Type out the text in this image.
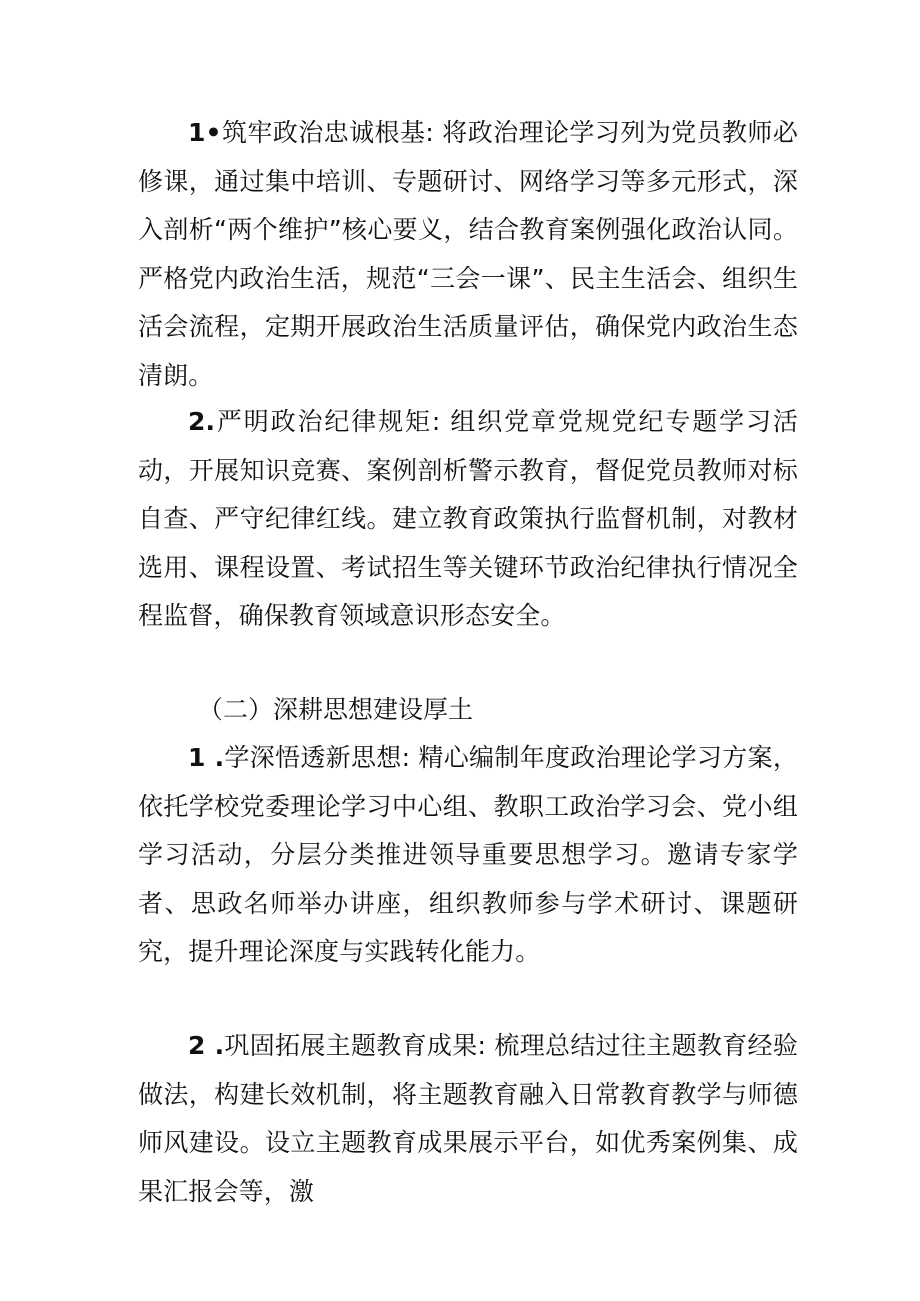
1•筑牢政治忠诚根基: 将政治理论学习列为党员教师必修课，通过集中培训、专题研讨、网络学习等多元形式，深入剖析“两个维护”核心要义，结合教育案例强化政治认同。严格党内政治生活，规范“三会一课”、民主生活会、组织生活会流程，定期开展政治生活质量评估，确保党内政治生态清朗。

2.严明政治纪律规矩: 组织党章党规党纪专题学习活动，开展知识竞赛、案例剖析警示教育，督促党员教师对标自查、严守纪律红线。建立教育政策执行监督机制，对教材选用、课程设置、考试招生等关键环节政治纪律执行情况全程监督，确保教育领域意识形态安全。

（二）深耕思想建设厚土

1 .学深悟透新思想: 精心编制年度政治理论学习方案，依托学校党委理论学习中心组、教职工政治学习会、党小组学习活动，分层分类推进领导重要思想学习。邀请专家学者、思政名师举办讲座，组织教师参与学术研讨、课题研究，提升理论深度与实践转化能力。

2 .巩固拓展主题教育成果: 梳理总结过往主题教育经验做法，构建长效机制，将主题教育融入日常教育教学与师德师风建设。设立主题教育成果展示平台，如优秀案例集、成果汇报会等，激
